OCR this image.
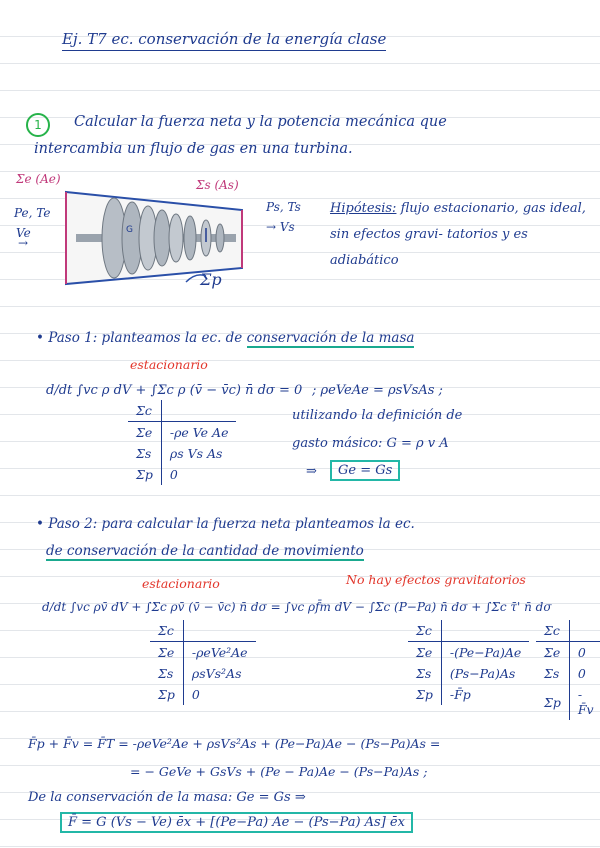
Ej. T7 ec. conservación de la energía clase
1	Calcular la fuerza neta y la potencia mecánica que
intercambia un flujo de gas en una turbina.
Σe (Ae)	Σs (As)
Pe, Te
Ve
→
Ps, Ts
→ Vs
Σp
G
Hipótesis: flujo estacionario, gas ideal, sin efectos gravi- tatorios y es adiabático
• Paso 1: planteamos la ec. de conservación de la masa
estacionario
d/dt ∫vc ρ dV + ∫Σc ρ (v̄ − v̄c) n̄ dσ = 0 ; ρeVeAe = ρsVsAs ;
Σc	
Σe	-ρe Ve Ae
Σs	ρs Vs As
Σp	0
utilizando la definición de
gasto másico: G = ρ v A
⇒	Ge = Gs
• Paso 2: para calcular la fuerza neta planteamos la ec.
de conservación de la cantidad de movimiento
estacionario	No hay efectos gravitatorios
d/dt ∫vc ρv̄ dV + ∫Σc ρv̄ (v̄ − v̄c) n̄ dσ = ∫vc ρf̄m dV − ∫Σc (P−Pa) n̄ dσ + ∫Σc τ̄' n̄ dσ
Σc	
Σe	-ρeVe²Ae
Σs	ρsVs²As
Σp	0
Σc	
Σe	-(Pe−Pa)Ae
Σs	(Ps−Pa)As
Σp	-F̄p
Σc	
Σe	0
Σs	0
Σp	-F̄v
F̄p + F̄v = F̄T = -ρeVe²Ae + ρsVs²As + (Pe−Pa)Ae − (Ps−Pa)As =
= − GeVe + GsVs + (Pe − Pa)Ae − (Ps−Pa)As ;
De la conservación de la masa: Ge = Gs ⇒
F̄ = G (Vs − Ve) ēx + [(Pe−Pa) Ae − (Ps−Pa) As] ēx
